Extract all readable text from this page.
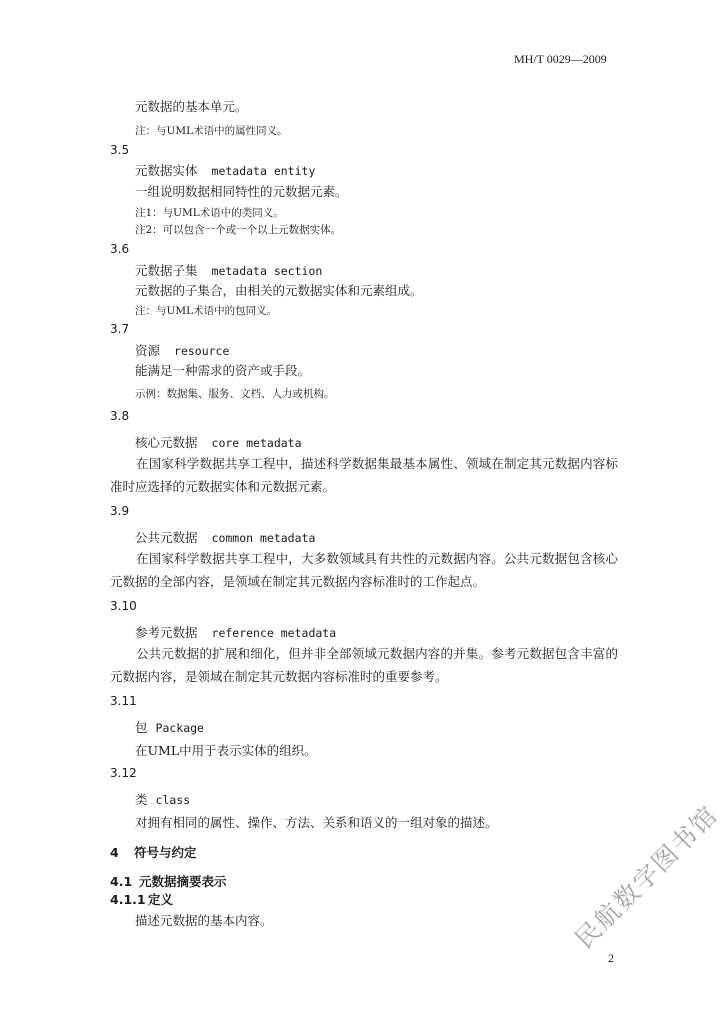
MH/T 0029—2009
元数据的基本单元。
注：与UML术语中的属性同义。
3.5
元数据实体 metadata entity
一组说明数据相同特性的元数据元素。
注1：与UML术语中的类同义。
注2：可以包含一个或一个以上元数据实体。
3.6
元数据子集 metadata section
元数据的子集合，由相关的元数据实体和元素组成。
注：与UML术语中的包同义。
3.7
资源 resource
能满足一种需求的资产或手段。
示例：数据集、服务、文档、人力或机构。
3.8
核心元数据 core metadata
在国家科学数据共享工程中，描述科学数据集最基本属性、领域在制定其元数据内容标准时应选择的元数据实体和元数据元素。
3.9
公共元数据 common metadata
在国家科学数据共享工程中，大多数领域具有共性的元数据内容。公共元数据包含核心元数据的全部内容，是领域在制定其元数据内容标准时的工作起点。
3.10
参考元数据 reference metadata
公共元数据的扩展和细化，但并非全部领域元数据内容的并集。参考元数据包含丰富的元数据内容，是领域在制定其元数据内容标准时的重要参考。
3.11
包 Package
在UML中用于表示实体的组织。
3.12
类 class
对拥有相同的属性、操作、方法、关系和语义的一组对象的描述。
4 符号与约定
4.1 元数据摘要表示
4.1.1 定义
描述元数据的基本内容。
2
民航数字图书馆
